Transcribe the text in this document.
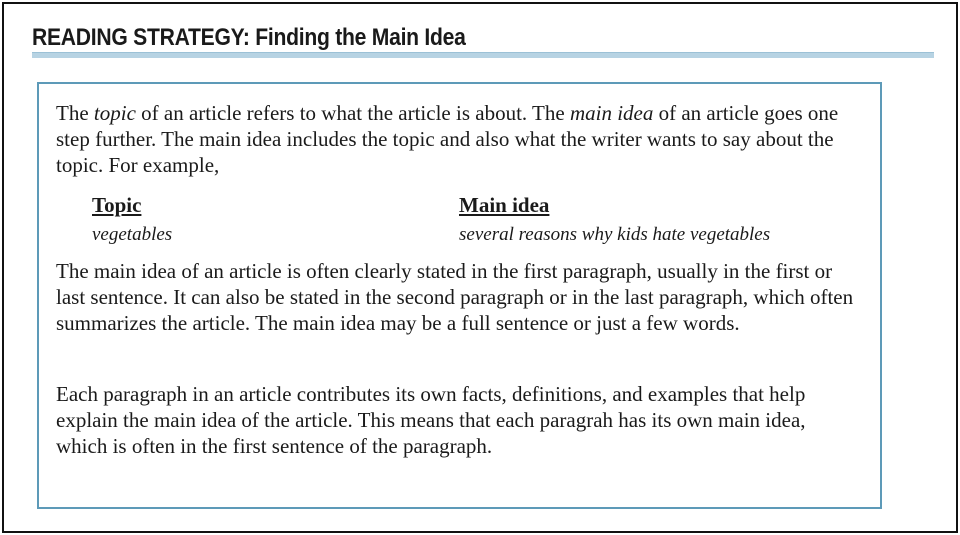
READING STRATEGY: Finding the Main Idea
The topic of an article refers to what the article is about. The main idea of an article goes one step further. The main idea includes the topic and also what the writer wants to say about the topic. For example,
Topic	Main idea
vegetables	several reasons why kids hate vegetables
The main idea of an article is often clearly stated in the first paragraph, usually in the first or last sentence. It can also be stated in the second paragraph or in the last paragraph, which often summarizes the article. The main idea may be a full sentence or just a few words.
Each paragraph in an article contributes its own facts, definitions, and examples that help explain the main idea of the article. This means that each paragrah has its own main idea, which is often in the first sentence of the paragraph.
